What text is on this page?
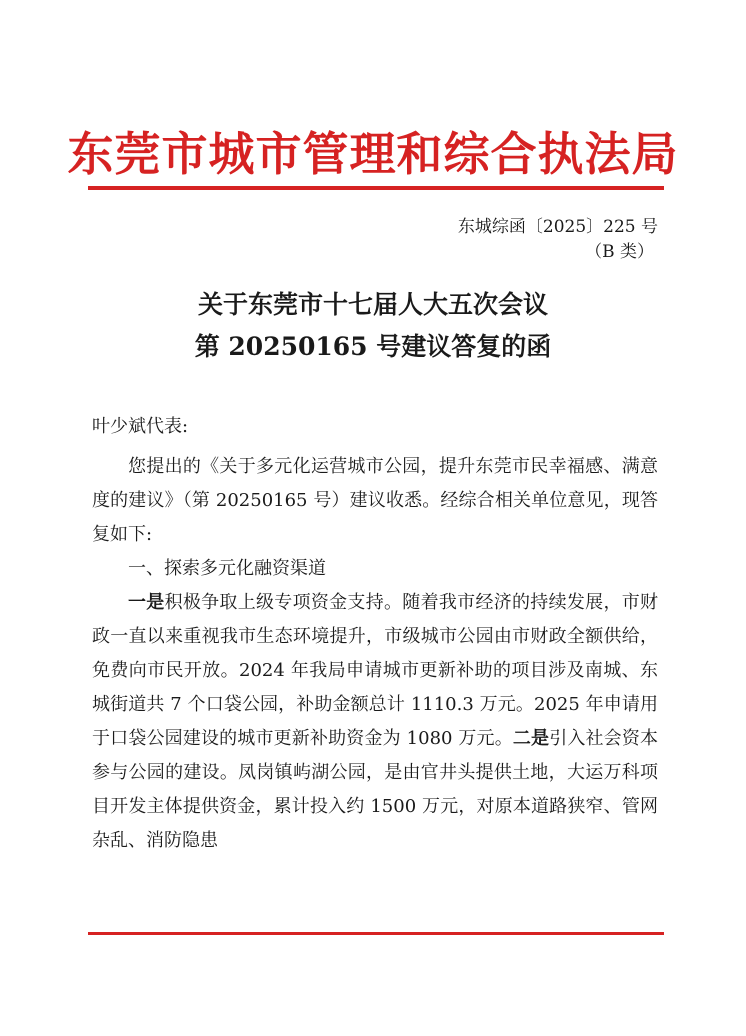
东莞市城市管理和综合执法局
东城综函〔2025〕225 号
（B 类）
关于东莞市十七届人大五次会议
第 20250165 号建议答复的函

叶少斌代表:

您提出的《关于多元化运营城市公园，提升东莞市民幸福感、满意度的建议》（第 20250165 号）建议收悉。经综合相关单位意见，现答复如下:

一、探索多元化融资渠道

一是积极争取上级专项资金支持。随着我市经济的持续发展，市财政一直以来重视我市生态环境提升，市级城市公园由市财政全额供给，免费向市民开放。2024 年我局申请城市更新补助的项目涉及南城、东城街道共 7 个口袋公园，补助金额总计 1110.3 万元。2025 年申请用于口袋公园建设的城市更新补助资金为 1080 万元。二是引入社会资本参与公园的建设。凤岗镇屿湖公园，是由官井头提供土地，大运万科项目开发主体提供资金，累计投入约 1500 万元，对原本道路狭窄、管网杂乱、消防隐患
